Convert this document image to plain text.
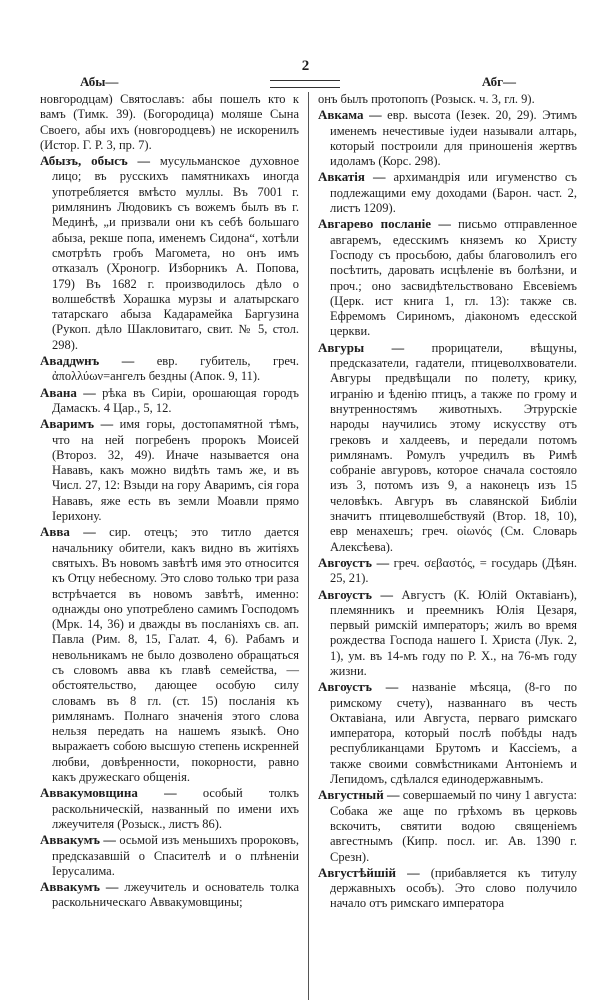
2
Абы—	Абг—

новгородцам) Святославъ: абы пошелъ кто к вамъ (Тимк. 39). (Богородица) моляше Сына Своего, абы ихъ (новгородцевъ) не искоренилъ (Истор. Г. Р. 3, пр. 7).

Абызъ, обысъ — мусульманское духовное лицо; въ русскихъ памятникахъ иногда употребляется вмѣсто муллы. Въ 7001 г. римлянинъ Людовикъ съ вожемъ былъ въ г. Мединѣ, „и призвали они къ себѣ большаго абыза, рекше попа, именемъ Сидона“, хотѣли смотрѣть гробъ Магомета, но онъ имъ отказалъ (Хроногр. Изборникъ А. Попова, 179) Въ 1682 г. производилось дѣло о волшебствѣ Хорашкa мурзы и алатырскаго татарскаго абыза Кадарамейка Баргузина (Рукоп. дѣло Шакловитаго, свит. № 5, стол. 298).

Аваддѡнъ — евр. губитель, греч. ἀπολλύων=ангелъ бездны (Апок. 9, 11).

Авана — рѣка въ Сиріи, орошающая городъ Дамаскъ. 4 Цар., 5, 12.

Аваримъ — имя горы, достопамятной тѣмъ, что на ней погребенъ пророкъ Моисей (Второз. 32, 49). Иначе называется она Нававъ, какъ можно видѣть тамъ же, и въ Числ. 27, 12: Взыди на гору Аваримъ, сія гора Нававъ, яже есть въ земли Моавли прямо Іерихону.

Авва — сир. отецъ; это титло дается начальнику обители, какъ видно въ житіяхъ святыхъ. Въ новомъ завѣтѣ имя это относится къ Отцу небесному. Это слово только три раза встрѣчается въ новомъ завѣтѣ, именно: однажды оно употреблено самимъ Господомъ (Мрк. 14, 36) и дважды въ посланіяхъ св. ап. Павла (Рим. 8, 15, Галат. 4, 6). Рабамъ и невольникамъ не было дозволено обращаться съ словомъ авва къ главѣ семейства, — обстоятельство, дающее особую силу словамъ въ 8 гл. (ст. 15) посланія къ римлянамъ. Полнаго значенія этого слова нельзя передать на нашемъ языкѣ. Оно выражаетъ собою высшую степень искренней любви, довѣренности, покорности, равно какъ дружескаго общенія.

Аввакумовщина — особый толкъ раскольническій, названный по имени ихъ лжеучителя (Розыск., листъ 86).

Аввакумъ — осьмой изъ меньшихъ пророковъ, предсказавшій о Спасителѣ и о плѣненіи Іерусалима.

Аввакумъ — лжеучитель и основатель толка раскольническаго Аввакумовщины;

онъ былъ протопопъ (Розыск. ч. 3, гл. 9).

Авкама — евр. высота (Іезек. 20, 29). Этимъ именемъ нечестивые іудеи называли алтарь, который построили для приношенія жертвъ идоламъ (Корс. 298).

Авкатія — архимандрія или игуменство съ подлежащими ему доходами (Барон. част. 2, листъ 1209).

Авгарево посланіе — письмо отправленное авгаремъ, едесскимъ княземъ ко Христу Господу съ просьбою, дабы благоволилъ его посѣтить, даровать исцѣленіе въ болѣзни, и проч.; оно засвидѣтельствовано Евсевіемъ (Церк. ист книга 1, гл. 13): также св. Ефремомъ Сириномъ, діакономъ едесской церкви.

Авгуры — прорицатели, вѣщуны, предсказатели, гадатели, птицеволхвователи. Авгуры предвѣщали по полету, крику, игранію и ѣденію птицъ, а также по грому и внутренностямъ животныхъ. Этрурскіе народы научились этому искусству отъ грековъ и халдеевъ, и передали потомъ римлянамъ. Ромулъ учредилъ въ Римѣ собраніе авгуровъ, которое сначала состояло изъ 3, потомъ изъ 9, а наконецъ изъ 15 человѣкъ. Авгуръ въ славянской Библіи значитъ птицеволшебствуяй (Втор. 18, 10), евр менахешъ; греч. οἰωνός (Cм. Словарь Алексѣева).

Авгѹстъ — греч. σεβαστός, = государь (Дѣян. 25, 21).

Авгѹстъ — Августъ (К. Юлій Октавіанъ), племянникъ и преемникъ Юлія Цезаря, первый римскій императоръ; жилъ во время рождества Господа нашего І. Христа (Лук. 2, 1), ум. въ 14-мъ году по Р. Х., на 76-мъ году жизни.

Авгѹстъ — названіе мѣсяца, (8-го по римскому счету), названнаго въ честь Октавіана, или Августа, перваго римскаго императора, который послѣ побѣды надъ республиканцами Брутомъ и Кассіемъ, а также своими совмѣстниками Антоніемъ и Лепидомъ, сдѣлался единодержавнымъ.

Августный — совершаемый по чину 1 августа: Собака же аще по грѣхомъ въ церковь вскочитъ, святити водою священіемъ авгестнымъ (Кипр. посл. иг. Ав. 1390 г. Срезн).

Августѣйшій — (прибавляется къ титулу державныхъ особъ). Это слово получило начало отъ римскаго императора
